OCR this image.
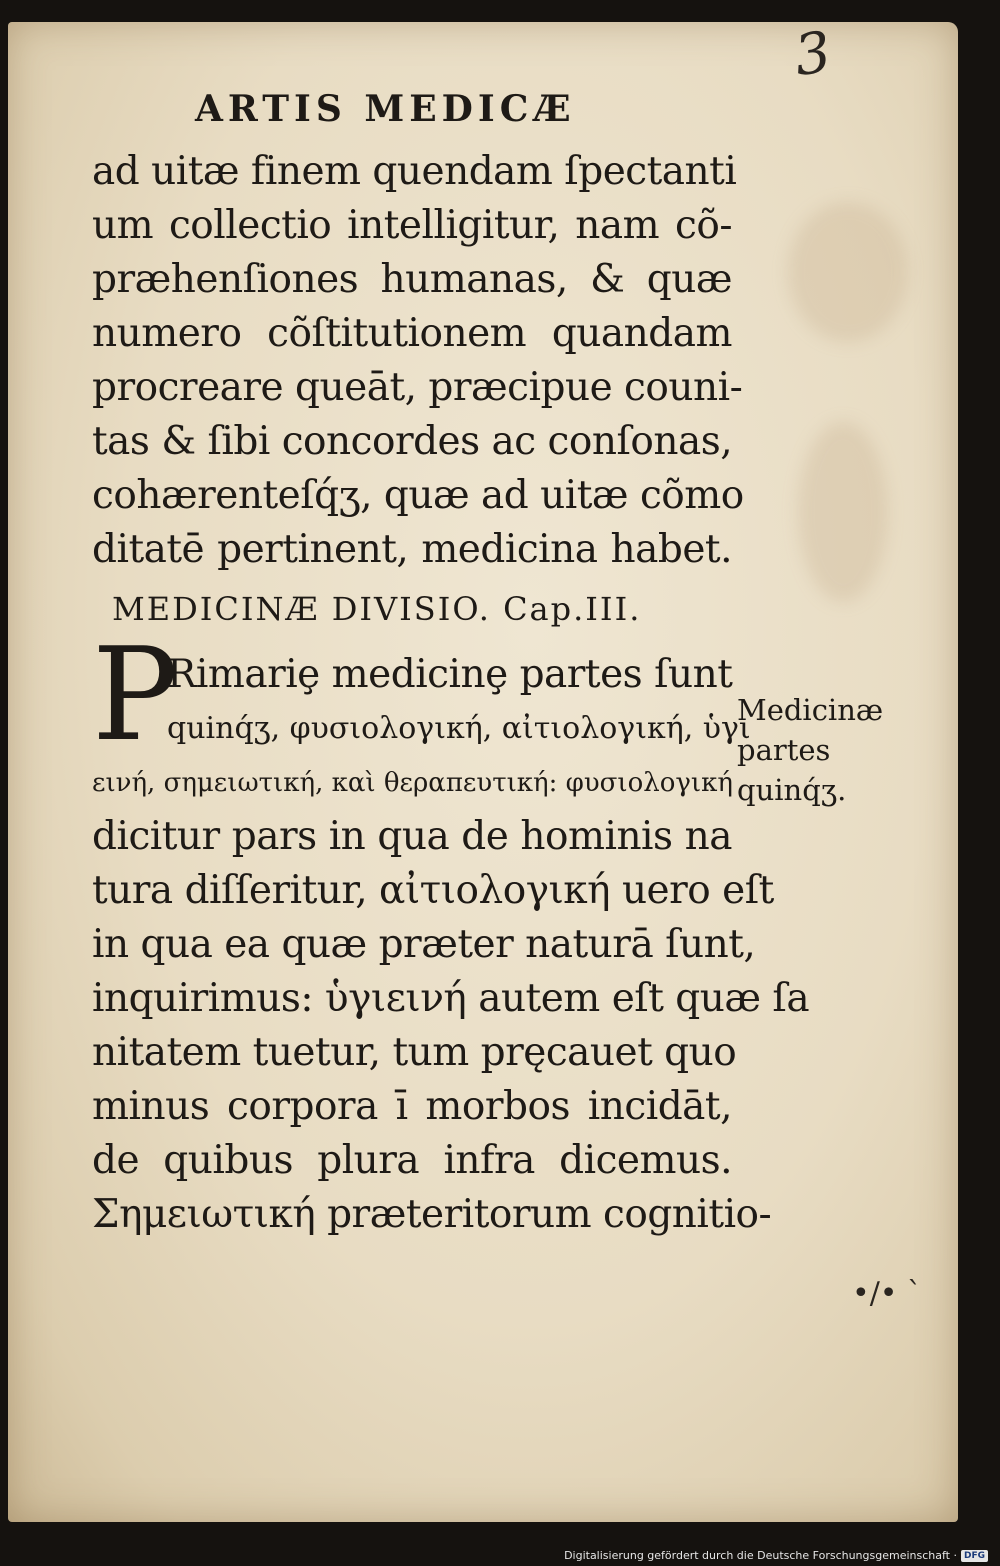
3
ARTIS MEDICÆ
ad uitæ finem quendam ſpectanti
um collectio intelligitur, nam cõ-
præhenſiones humanas, & quæ
numero cõſtitutionem quandam
procreare queāt, præcipue couni-
tas & ſibi concordes ac conſonas,
cohærenteſq́ʒ, quæ ad uitæ cõmo
ditatē pertinent, medicina habet.
MEDICINÆ DIVISIO. Cap.III.
P
Rimariȩ medicinȩ partes ſunt
quinq́ʒ, φυσιολογική, αἰτιολογική, ὑγι
εινή, σημειωτική, καὶ θεραπευτική: φυσιολογική
dicitur pars in qua de hominis na
tura diſſeritur, αἰτιολογική uero eſt
in qua ea quæ præter naturā ſunt,
inquirimus: ὑγιεινή autem eſt quæ ſa
nitatem tuetur, tum pręcauet quo
minus corpora ī morbos incidāt,
de quibus plura infra dicemus.
Σημειωτική præteritorum cognitio-
Medicinæ
partes
quinq́ʒ.
•/• ˋ
Digitalisierung gefördert durch die Deutsche Forschungsgemeinschaft · DFG
